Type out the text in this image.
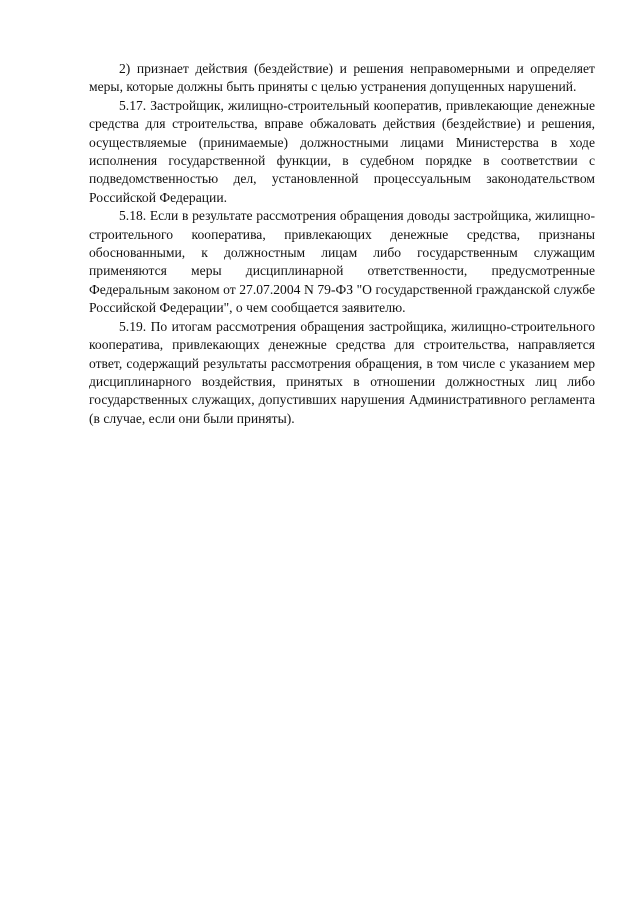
2) признает действия (бездействие) и решения неправомерными и определяет меры, которые должны быть приняты с целью устранения допущенных нарушений.

5.17. Застройщик, жилищно-строительный кооператив, привлекающие денежные средства для строительства, вправе обжаловать действия (бездействие) и решения, осуществляемые (принимаемые) должностными лицами Министерства в ходе исполнения государственной функции, в судебном порядке в соответствии с подведомственностью дел, установленной процессуальным законодательством Российской Федерации.

5.18. Если в результате рассмотрения обращения доводы застройщика, жилищно-строительного кооператива, привлекающих денежные средства, признаны обоснованными, к должностным лицам либо государственным служащим применяются меры дисциплинарной ответственности, предусмотренные Федеральным законом от 27.07.2004 N 79-ФЗ "О государственной гражданской службе Российской Федерации", о чем сообщается заявителю.

5.19. По итогам рассмотрения обращения застройщика, жилищно-строительного кооператива, привлекающих денежные средства для строительства, направляется ответ, содержащий результаты рассмотрения обращения, в том числе с указанием мер дисциплинарного воздействия, принятых в отношении должностных лиц либо государственных служащих, допустивших нарушения Административного регламента (в случае, если они были приняты).
